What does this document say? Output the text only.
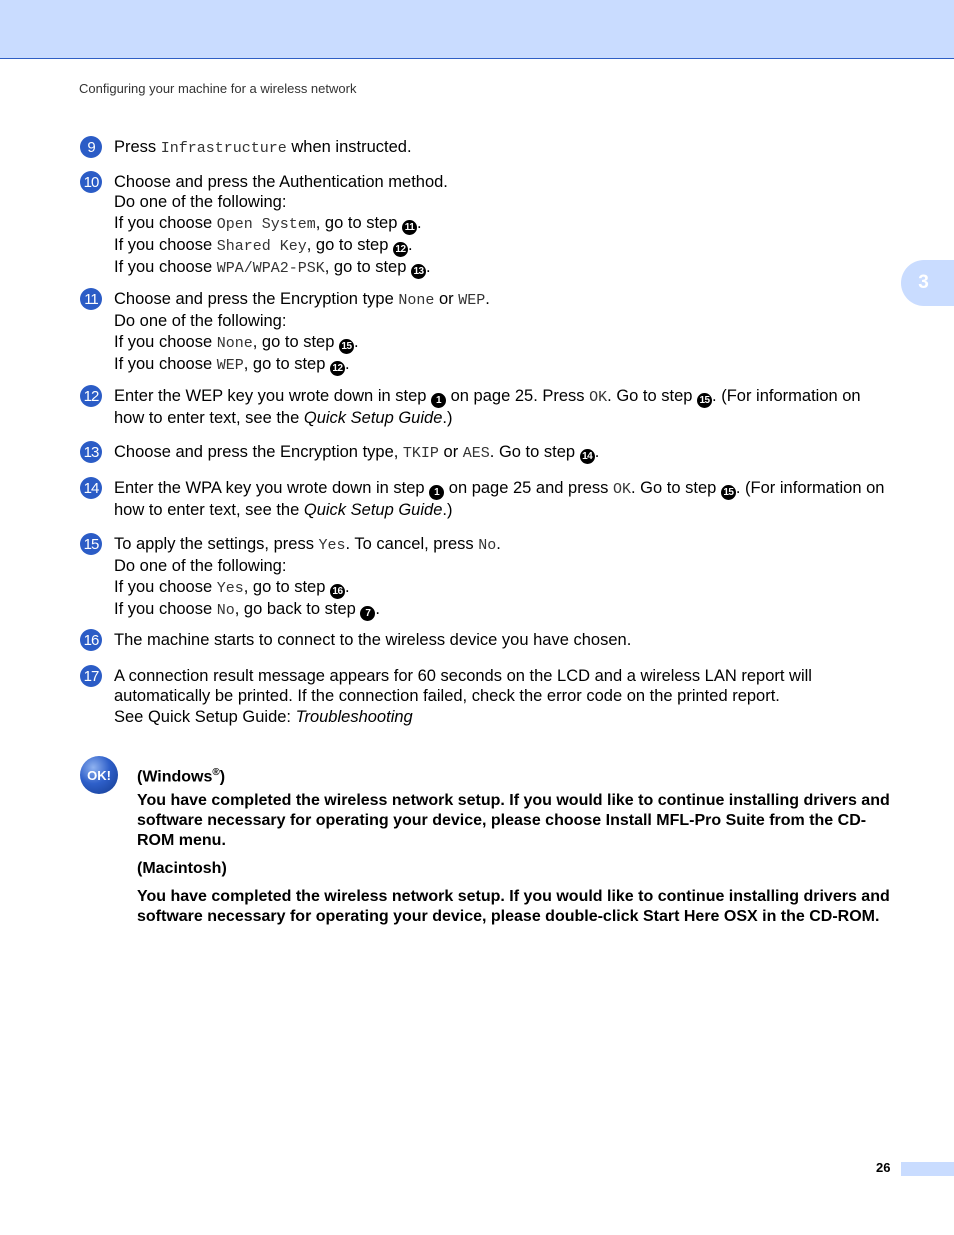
Configuring your machine for a wireless network
3
9	Press Infrastructure when instructed.
10 Choose and press the Authentication method.
Do one of the following:
If you choose Open System, go to step 11 .
If you choose Shared Key, go to step 12 .
If you choose WPA/WPA2-PSK, go to step 13 .
11 Choose and press the Encryption type None or WEP.
Do one of the following:
If you choose None, go to step 15 .
If you choose WEP, go to step 12 .
12 Enter the WEP key you wrote down in step 1 on page 25. Press OK. Go to step 15 . (For information on how to enter text, see the Quick Setup Guide.)
13 Choose and press the Encryption type, TKIP or AES. Go to step 14 .
14 Enter the WPA key you wrote down in step 1 on page 25 and press OK. Go to step 15 . (For information on how to enter text, see the Quick Setup Guide.)
15 To apply the settings, press Yes. To cancel, press No.
Do one of the following:
If you choose Yes, go to step 16 .
If you choose No, go back to step 7 .
16 The machine starts to connect to the wireless device you have chosen.
17 A connection result message appears for 60 seconds on the LCD and a wireless LAN report will automatically be printed. If the connection failed, check the error code on the printed report.
See Quick Setup Guide: Troubleshooting
OK!	(Windows®)
You have completed the wireless network setup. If you would like to continue installing drivers and software necessary for operating your device, please choose Install MFL-Pro Suite from the CD-ROM menu.
(Macintosh)
You have completed the wireless network setup. If you would like to continue installing drivers and software necessary for operating your device, please double-click Start Here OSX in the CD-ROM.
26
